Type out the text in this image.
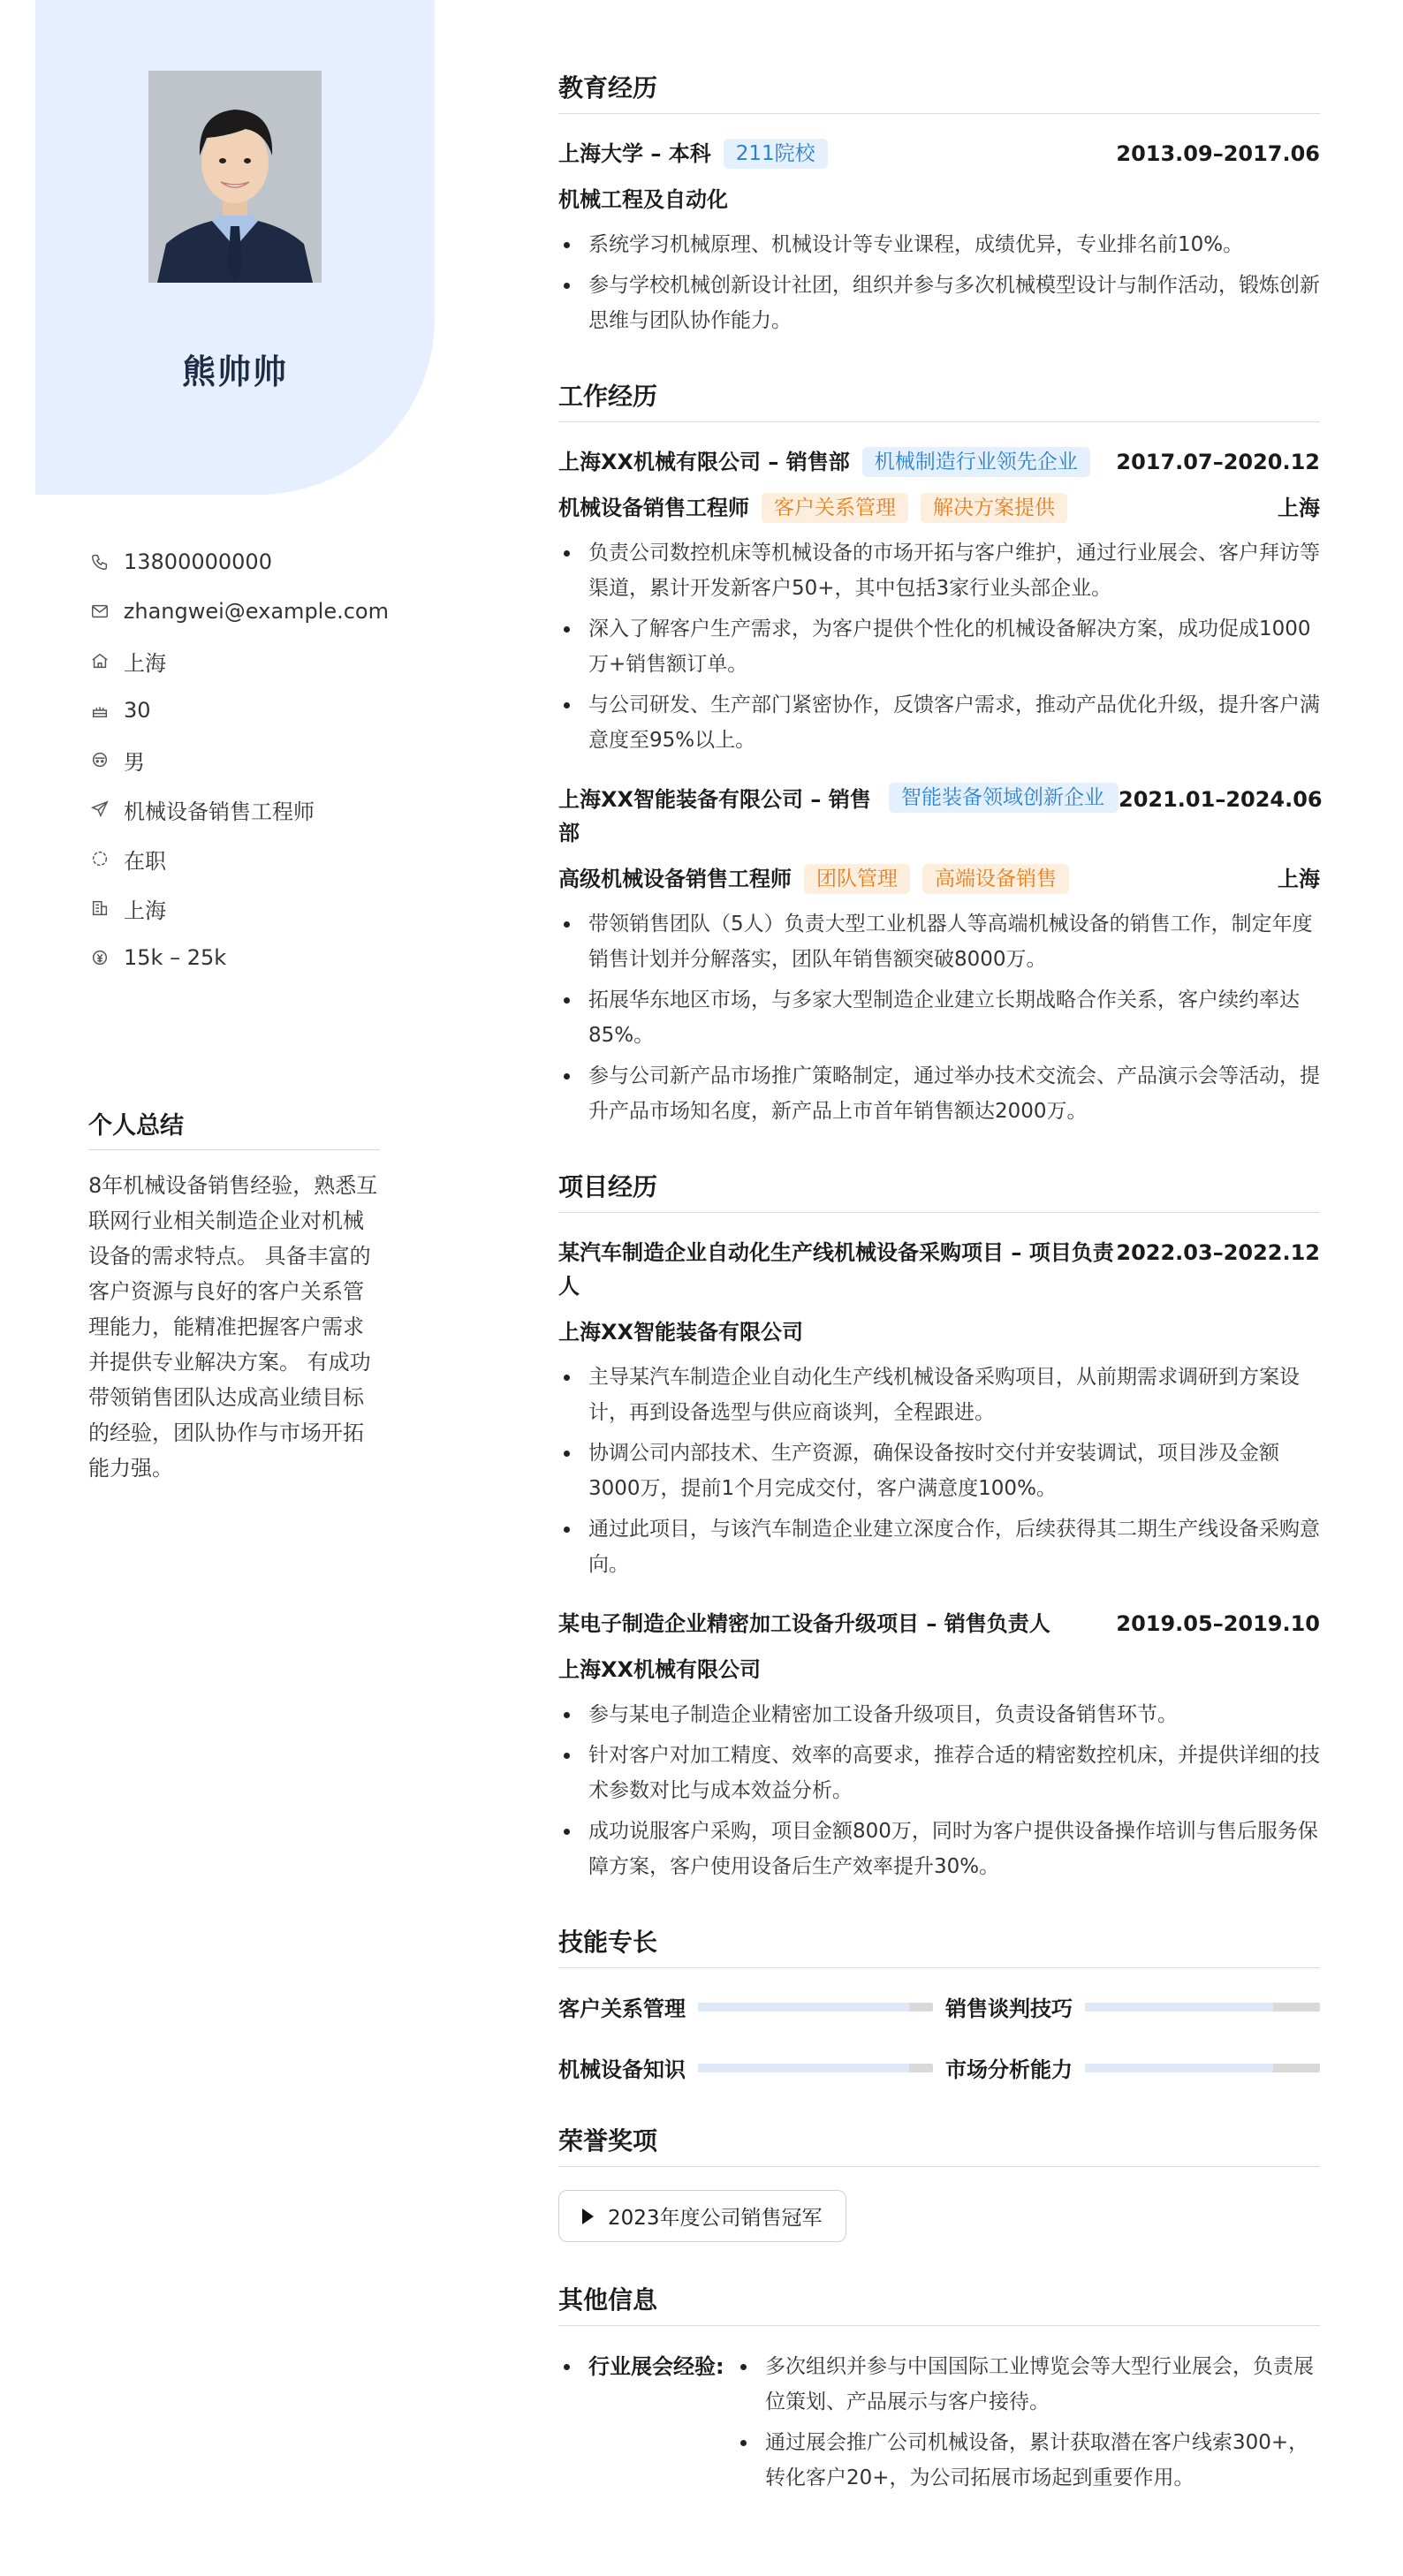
熊帅帅
13800000000
zhangwei@example.com
上海
30
男
机械设备销售工程师
在职
上海
15k – 25k
个人总结

8年机械设备销售经验，熟悉互联网行业相关制造企业对机械设备的需求特点。 具备丰富的客户资源与良好的客户关系管理能力，能精准把握客户需求并提供专业解决方案。 有成功带领销售团队达成高业绩目标的经验，团队协作与市场开拓能力强。

教育经历
上海大学 – 本科	211院校	2013.09–2017.06
机械工程及自动化
系统学习机械原理、机械设计等专业课程，成绩优异，专业排名前10%。
参与学校机械创新设计社团，组织并参与多次机械模型设计与制作活动，锻炼创新思维与团队协作能力。
工作经历
上海XX机械有限公司 – 销售部	机械制造行业领先企业	2017.07–2020.12
机械设备销售工程师	客户关系管理	解决方案提供	上海
负责公司数控机床等机械设备的市场开拓与客户维护，通过行业展会、客户拜访等渠道，累计开发新客户50+，其中包括3家行业头部企业。
深入了解客户生产需求，为客户提供个性化的机械设备解决方案，成功促成1000万+销售额订单。
与公司研发、生产部门紧密协作，反馈客户需求，推动产品优化升级，提升客户满意度至95%以上。
上海XX智能装备有限公司 – 销售部
智能装备领域创新企业 2021.01–2024.06
高级机械设备销售工程师	团队管理	高端设备销售	上海
带领销售团队（5人）负责大型工业机器人等高端机械设备的销售工作，制定年度销售计划并分解落实，团队年销售额突破8000万。
拓展华东地区市场，与多家大型制造企业建立长期战略合作关系，客户续约率达85%。
参与公司新产品市场推广策略制定，通过举办技术交流会、产品演示会等活动，提升产品市场知名度，新产品上市首年销售额达2000万。
项目经历
某汽车制造企业自动化生产线机械设备采购项目 – 项目负责人
2022.03–2022.12
上海XX智能装备有限公司
主导某汽车制造企业自动化生产线机械设备采购项目，从前期需求调研到方案设计，再到设备选型与供应商谈判，全程跟进。
协调公司内部技术、生产资源，确保设备按时交付并安装调试，项目涉及金额3000万，提前1个月完成交付，客户满意度100%。
通过此项目，与该汽车制造企业建立深度合作，后续获得其二期生产线设备采购意向。
某电子制造企业精密加工设备升级项目 – 销售负责人	2019.05–2019.10
上海XX机械有限公司
参与某电子制造企业精密加工设备升级项目，负责设备销售环节。
针对客户对加工精度、效率的高要求，推荐合适的精密数控机床，并提供详细的技术参数对比与成本效益分析。
成功说服客户采购，项目金额800万，同时为客户提供设备操作培训与售后服务保障方案，客户使用设备后生产效率提升30%。
技能专长
客户关系管理	销售谈判技巧
机械设备知识	市场分析能力
荣誉奖项
2023年度公司销售冠军
其他信息
行业展会经验:	多次组织并参与中国国际工业博览会等大型行业展会，负责展位策划、产品展示与客户接待。
通过展会推广公司机械设备，累计获取潜在客户线索300+，转化客户20+，为公司拓展市场起到重要作用。
